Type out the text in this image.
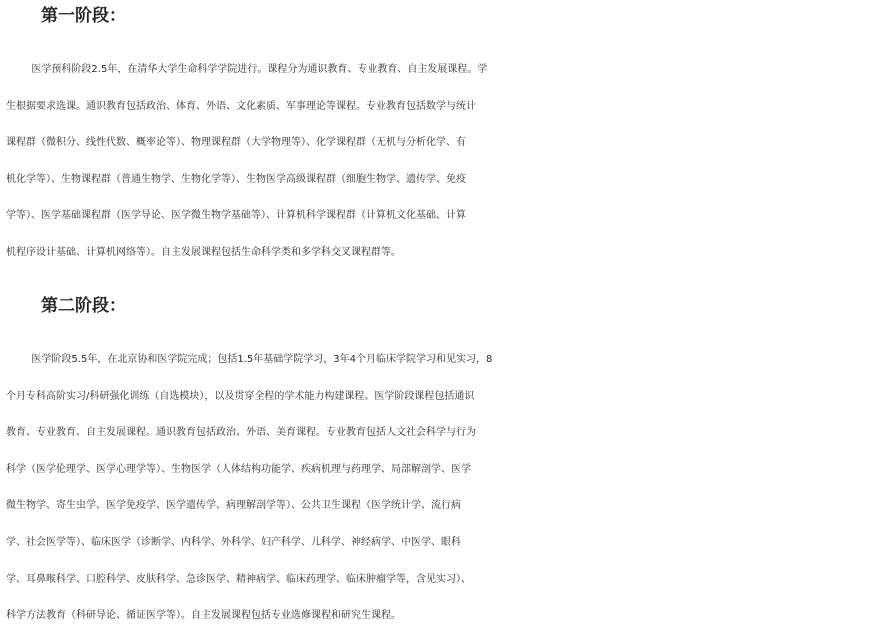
第一阶段：
医学预科阶段2.5年，在清华大学生命科学学院进行。课程分为通识教育、专业教育、自主发展课程。学
生根据要求选课。通识教育包括政治、体育、外语、文化素质、军事理论等课程。专业教育包括数学与统计
课程群（微积分、线性代数、概率论等）、物理课程群（大学物理等）、化学课程群（无机与分析化学、有
机化学等）、生物课程群（普通生物学、生物化学等）、生物医学高级课程群（细胞生物学、遗传学、免疫
学等）、医学基础课程群（医学导论、医学微生物学基础等）、计算机科学课程群（计算机文化基础、计算
机程序设计基础、计算机网络等）。自主发展课程包括生命科学类和多学科交叉课程群等。
第二阶段：
医学阶段5.5年，在北京协和医学院完成；包括1.5年基础学院学习，3年4个月临床学院学习和见实习，8
个月专科高阶实习/科研强化训练（自选模块），以及贯穿全程的学术能力构建课程。医学阶段课程包括通识
教育、专业教育、自主发展课程。通识教育包括政治、外语、美育课程。专业教育包括人文社会科学与行为
科学（医学伦理学、医学心理学等）、生物医学（人体结构功能学、疾病机理与药理学、局部解剖学、医学
微生物学、寄生虫学、医学免疫学、医学遗传学、病理解剖学等）、公共卫生课程（医学统计学、流行病
学、社会医学等）、临床医学（诊断学、内科学、外科学、妇产科学、儿科学、神经病学、中医学、眼科
学、耳鼻喉科学、口腔科学、皮肤科学、急诊医学、精神病学、临床药理学、临床肿瘤学等，含见实习）、
科学方法教育（科研导论、循证医学等）。自主发展课程包括专业选修课程和研究生课程。
